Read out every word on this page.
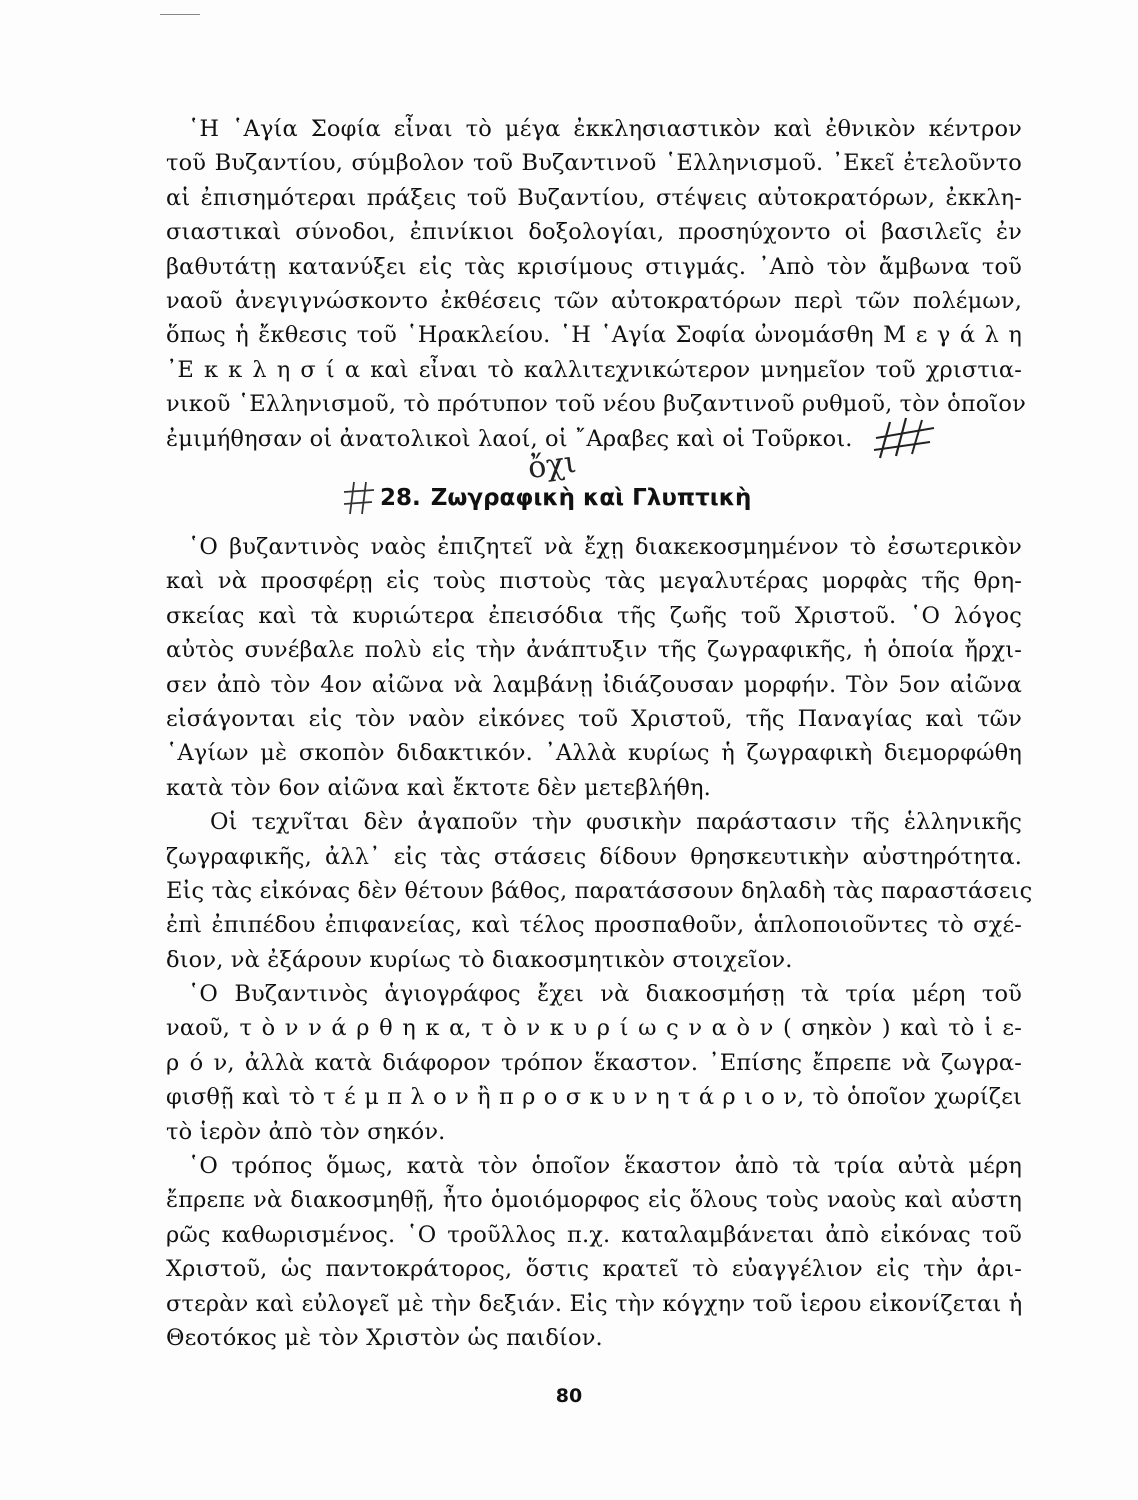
῾Η ῾Αγία Σοφία εἶναι τὸ μέγα ἐκκλησιαστικὸν καὶ ἐθνικὸν κέντρον
τοῦ Βυζαντίου, σύμβολον τοῦ Βυζαντινοῦ ῾Ελληνισμοῦ. ᾿Εκεῖ ἐτελοῦντο
αἱ ἐπισημότεραι πράξεις τοῦ Βυζαντίου, στέψεις αὐτοκρατόρων, ἐκκλη-
σιαστικαὶ σύνοδοι, ἐπινίκιοι δοξολογίαι, προσηύχοντο οἱ βασιλεῖς ἐν
βαθυτάτῃ κατανύξει εἰς τὰς κρισίμους στιγμάς. ᾿Απὸ τὸν ἄμβωνα τοῦ
ναοῦ ἀνεγιγνώσκοντο ἐκθέσεις τῶν αὐτοκρατόρων περὶ τῶν πολέμων,
ὅπως ἡ ἔκθεσις τοῦ ῾Ηρακλείου. ῾Η ῾Αγία Σοφία ὠνομάσθη Μ ε γ ά λ η
᾿Ε κ κ λ η σ ί α καὶ εἶναι τὸ καλλιτεχνικώτερον μνημεῖον τοῦ χριστια-
νικοῦ ῾Ελληνισμοῦ, τὸ πρότυπον τοῦ νέου βυζαντινοῦ ρυθμοῦ, τὸν ὁποῖον
ἐμιμήθησαν οἱ ἀνατολικοὶ λαοί, οἱ ῎Αραβες καὶ οἱ Τοῦρκοι.
ὄχι
28. Ζωγραφικὴ καὶ Γλυπτικὴ
῾Ο βυζαντινὸς ναὸς ἐπιζητεῖ νὰ ἔχῃ διακεκοσμημένον τὸ ἐσωτερικὸν
καὶ νὰ προσφέρῃ εἰς τοὺς πιστοὺς τὰς μεγαλυτέρας μορφὰς τῆς θρη-
σκείας καὶ τὰ κυριώτερα ἐπεισόδια τῆς ζωῆς τοῦ Χριστοῦ. ῾Ο λόγος
αὐτὸς συνέβαλε πολὺ εἰς τὴν ἀνάπτυξιν τῆς ζωγραφικῆς, ἡ ὁποία ἤρχι-
σεν ἀπὸ τὸν 4ον αἰῶνα νὰ λαμβάνῃ ἰδιάζουσαν μορφήν. Τὸν 5ον αἰῶνα
εἰσάγονται εἰς τὸν ναὸν εἰκόνες τοῦ Χριστοῦ, τῆς Παναγίας καὶ τῶν
῾Αγίων μὲ σκοπὸν διδακτικόν. ᾿Αλλὰ κυρίως ἡ ζωγραφικὴ διεμορφώθη
κατὰ τὸν 6ον αἰῶνα καὶ ἔκτοτε δὲν μετεβλήθη.
Οἱ τεχνῖται δὲν ἀγαποῦν τὴν φυσικὴν παράστασιν τῆς ἑλληνικῆς
ζωγραφικῆς, ἀλλ᾿ εἰς τὰς στάσεις δίδουν θρησκευτικὴν αὐστηρότητα.
Εἰς τὰς εἰκόνας δὲν θέτουν βάθος, παρατάσσουν δηλαδὴ τὰς παραστάσεις
ἐπὶ ἐπιπέδου ἐπιφανείας, καὶ τέλος προσπαθοῦν, ἁπλοποιοῦντες τὸ σχέ-
διον, νὰ ἐξάρουν κυρίως τὸ διακοσμητικὸν στοιχεῖον.
῾Ο Βυζαντινὸς ἁγιογράφος ἔχει νὰ διακοσμήσῃ τὰ τρία μέρη τοῦ
ναοῦ, τ ὸ ν ν ά ρ θ η κ α, τ ὸ ν κ υ ρ ί ω ς ν α ὸ ν ( σηκὸν ) καὶ τὸ ἱ ε-
ρ ό ν, ἀλλὰ κατὰ διάφορον τρόπον ἕκαστον. ᾿Επίσης ἔπρεπε νὰ ζωγρα-
φισθῇ καὶ τὸ τ έ μ π λ ο ν ἢ π ρ ο σ κ υ ν η τ ά ρ ι ο ν, τὸ ὁποῖον χωρίζει
τὸ ἱερὸν ἀπὸ τὸν σηκόν.
῾Ο τρόπος ὅμως, κατὰ τὸν ὁποῖον ἕκαστον ἀπὸ τὰ τρία αὐτὰ μέρη
ἔπρεπε νὰ διακοσμηθῇ, ἦτο ὁμοιόμορφος εἰς ὅλους τοὺς ναοὺς καὶ αὐστη
ρῶς καθωρισμένος. ῾Ο τροῦλλος π.χ. καταλαμβάνεται ἀπὸ εἰκόνας τοῦ
Χριστοῦ, ὡς παντοκράτορος, ὅστις κρατεῖ τὸ εὐαγγέλιον εἰς τὴν ἀρι-
στερὰν καὶ εὐλογεῖ μὲ τὴν δεξιάν. Εἰς τὴν κόγχην τοῦ ἱερου εἰκονίζεται ἡ
Θεοτόκος μὲ τὸν Χριστὸν ὡς παιδίον.
80
